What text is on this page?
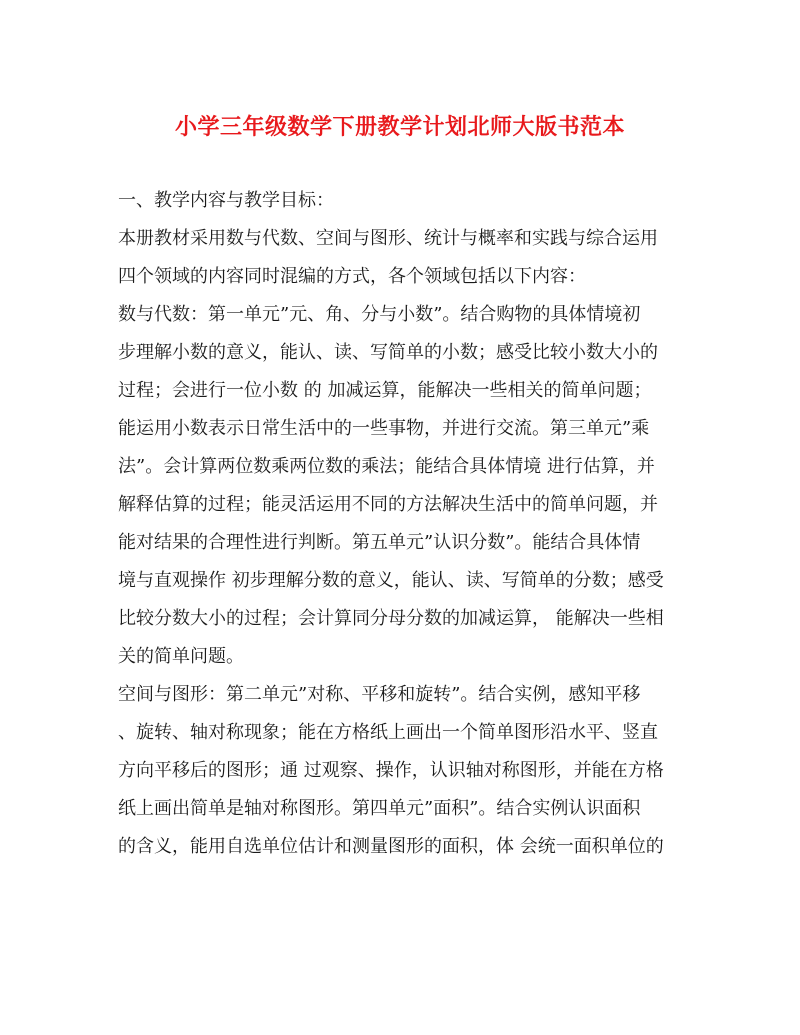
小学三年级数学下册教学计划北师大版书范本
一、教学内容与教学目标：
本册教材采用数与代数、空间与图形、统计与概率和实践与综合运用
四个领域的内容同时混编的方式，各个领域包括以下内容：
数与代数：第一单元”元、角、分与小数”。结合购物的具体情境初
步理解小数的意义，能认、读、写简单的小数；感受比较小数大小的
过程；会进行一位小数 的 加减运算，能解决一些相关的简单问题；
能运用小数表示日常生活中的一些事物，并进行交流。第三单元”乘
法”。会计算两位数乘两位数的乘法；能结合具体情境 进行估算，并
解释估算的过程；能灵活运用不同的方法解决生活中的简单问题，并
能对结果的合理性进行判断。第五单元”认识分数”。能结合具体情
境与直观操作 初步理解分数的意义，能认、读、写简单的分数；感受
比较分数大小的过程；会计算同分母分数的加减运算， 能解决一些相
关的简单问题。
空间与图形：第二单元”对称、平移和旋转”。结合实例，感知平移
、旋转、轴对称现象；能在方格纸上画出一个简单图形沿水平、竖直
方向平移后的图形；通 过观察、操作，认识轴对称图形，并能在方格
纸上画出简单是轴对称图形。第四单元”面积”。结合实例认识面积
的含义，能用自选单位估计和测量图形的面积，体 会统一面积单位的
